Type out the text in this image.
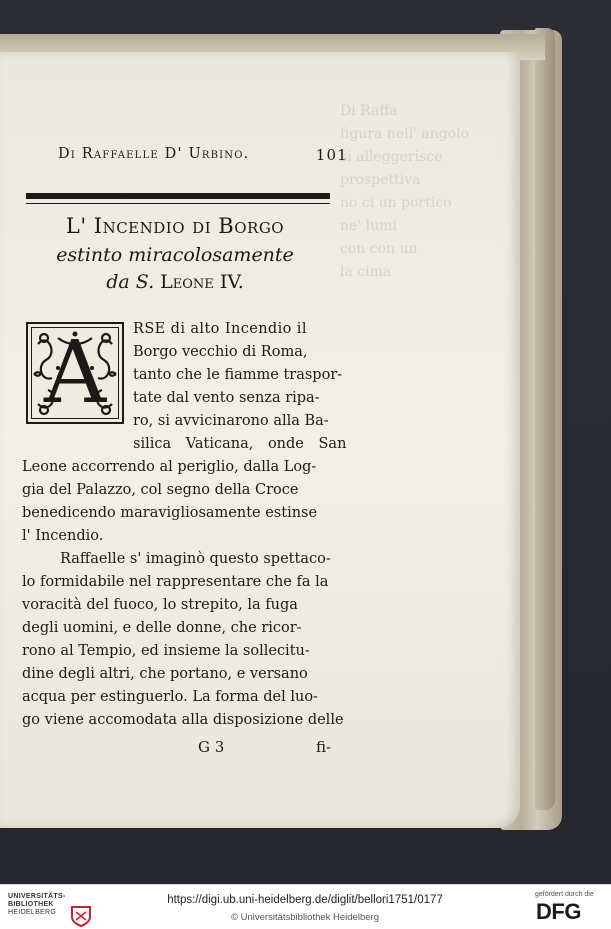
Di Raffa
figura nell' angolo
si alleggerisce
prospettiva
no ci un portico
ne' lumi
con con un
la cima
Di Raffaelle D' Urbino.	101
L' Incendio di Borgo
estinto miracolosamente
da S. Leone IV.
A	RSE di alto Incendio il
Borgo vecchio di Roma,
tanto che le fiamme traspor-
tate dal vento senza ripa-
ro, si avvicinarono alla Ba-
silica Vaticana, onde San
Leone accorrendo al periglio, dalla Log-
gia del Palazzo, col segno della Croce
benedicendo maravigliosamente estinse
l' Incendio.
Raffaelle s' imaginò questo spettaco-
lo formidabile nel rappresentare che fa la
voracità del fuoco, lo strepito, la fuga
degli uomini, e delle donne, che ricor-
rono al Tempio, ed insieme la sollecitu-
dine degli altri, che portano, e versano
acqua per estinguerlo. La forma del luo-
go viene accomodata alla disposizione delle
G 3	fi-
UNIVERSITÄTS-
BIBLIOTHEK
HEIDELBERG
https://digi.ub.uni-heidelberg.de/diglit/bellori1751/0177
© Universitätsbibliothek Heidelberg
gefördert durch die
DFG
